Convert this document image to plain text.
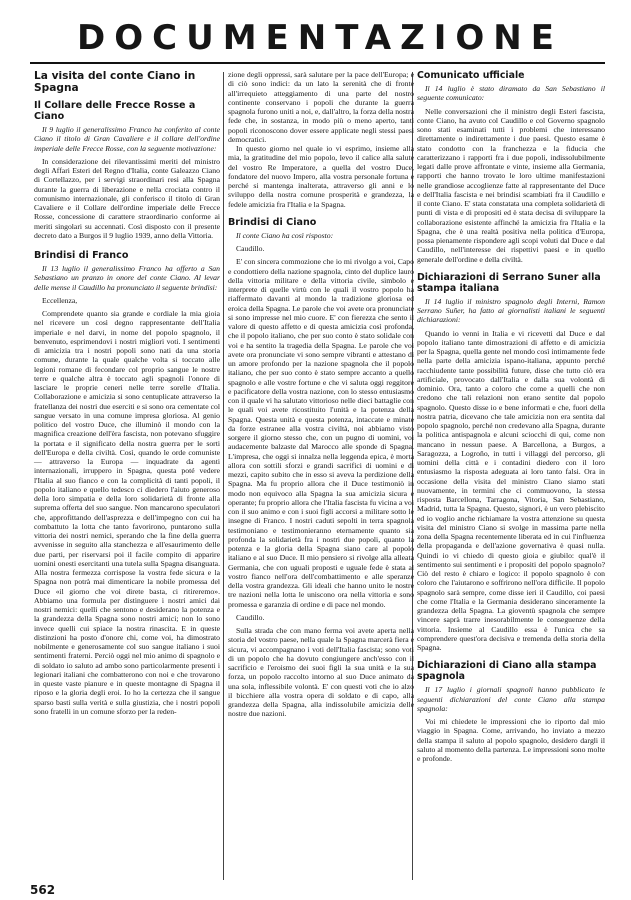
DOCUMENTAZIONE
La visita del conte Ciano in Spagna
Il Collare delle Frecce Rosse a Ciano

Il 9 luglio il generalissimo Franco ha conferito al conte Ciano il titolo di Gran Cavaliere e il collare dell'ordine imperiale delle Frecce Rosse, con la seguente motivazione:

In considerazione dei rilevantissimi meriti del ministro degli Affari Esteri del Regno d'Italia, conte Galeazzo Ciano di Cortellazzo, per i servigi straordinari resi alla Spagna durante la guerra di liberazione e nella crociata contro il comunismo internazionale, gli conferisco il titolo di Gran Cavaliere e il Collare dell'ordine imperiale delle Frecce Rosse, concessione di carattere straordinario conforme ai meriti singolari su accennati. Così disposto con il presente decreto dato a Burgos il 9 luglio 1939, anno della Vittoria.

Brindisi di Franco

Il 13 luglio il generalissimo Franco ha offerto a San Sebastiano un pranzo in onore del conte Ciano. Al levar delle mense il Caudillo ha pronunciato il seguente brindisi:

Eccellenza,

Comprendete quanto sia grande e cordiale la mia gioia nel ricevere un così degno rappresentante dell'Italia imperiale e nel darvi, in nome del popolo spagnolo, il benvenuto, esprimendovi i nostri migliori voti. I sentimenti di amicizia tra i nostri popoli sono nati da una storia comune, durante la quale qualche volta si toccato alle legioni romane di fecondare col proprio sangue le nostre terre e qualche altra è toccato agli spagnoli l'onore di lasciare le proprie ceneri nelle terre sorelle d'Italia. Collaborazione e amicizia si sono centuplicate attraverso la fratellanza dei nostri due eserciti e si sono ora cementate col sangue versato in una comune impresa gloriosa. Al genio politico del vostro Duce, che illuminò il mondo con la magnifica creazione dell'èra fascista, non potevano sfuggire la portata e il significato della nostra guerra per le sorti dell'Europa e della civiltà. Così, quando le orde comuniste — attraverso la Europa — inquadrate da agenti internazionali, irruppero in Spagna, questa poté vedere l'Italia al suo fianco e con la complicità di tanti popoli, il popolo italiano e quello tedesco ci diedero l'aiuto generoso della loro simpatia e della loro solidarietà di fronte alla suprema offerta del suo sangue. Non mancarono speculatori che, approfittando dell'asprezza e dell'impegno con cui ha combattuto la lotta che tanto favorirono, puntarono sulla vittoria dei nostri nemici, sperando che la fine della guerra avvenisse in seguito alla stanchezza e all'esaurimento delle due parti, per riservarsi poi il facile compito di apparire uomini onesti esercitanti una tutela sulla Spagna disanguata. Alla nostra fermezza corrispose la vostra fede sicura e la Spagna non potrà mai dimenticare la nobile promessa del Duce «il giorno che voi direte basta, ci ritireremo». Abbiamo una formula per distinguere i nostri amici dai nostri nemici: quelli che sentono e desiderano la potenza e la grandezza della Spagna sono nostri amici; non lo sono invece quelli cui spiace la nostra rinascita. E in queste distinzioni ha posto d'onore chi, come voi, ha dimostrato nobilmente e generosamente col suo sangue italiano i suoi sentimenti fraterni. Perciò oggi nel mio animo di spagnolo e di soldato io saluto ad ambo sono particolarmente presenti i legionari italiani che combatterono con noi e che trovarono in queste vaste pianure e in queste montagne di Spagna il riposo e la gloria degli eroi. Io ho la certezza che il sangue sparso basti sulla verità e sulla giustizia, che i nostri popoli sono fratelli in un comune sforzo per la reden-

zione degli oppressi, sarà salutare per la pace dell'Europa; e di ciò sono indici: da un lato la serenità che di fronte all'irrequieto atteggiamento di una parte del nostro continente conservano i popoli che durante la guerra spagnola furono uniti a noi, e, dall'altro, la forza della nostra fede che, in sostanza, in modo più o meno aperto, tanti popoli riconoscono dover essere applicate negli stessi paesi democratici.

In questo giorno nel quale io vi esprimo, insieme alla mia, la gratitudine del mio popolo, levo il calice alla salute del vostro Re Imperatore, a quella del vostro Duce, fondatore del nuovo Impero, alla vostra personale fortuna e perché si mantenga inalterata, attraverso gli anni e lo sviluppo della nostra comune prosperità e grandezza, la fedele amicizia fra l'Italia e la Spagna.

Brindisi di Ciano

Il conte Ciano ha così risposto:

Caudillo.

E' con sincera commozione che io mi rivolgo a voi, Capo e condottiero della nazione spagnola, cinto del duplice lauro della vittoria militare e della vittoria civile, simbolo e interprete di quelle virtù con le quali il vostro popolo ha riaffermato davanti al mondo la tradizione gloriosa ed eroica della Spagna. Le parole che voi avete ora pronunciate si sono impresse nel mio cuore. E' con fierezza che sento il valore di questo affetto e di questa amicizia così profonda, che il popolo italiano, che per suo conto è stato solidale con voi e ha sentito la tragedia della Spagna. Le parole che voi avete ora pronunciate vi sono sempre vibranti e attestano di un amore profondo per la nazione spagnola che il popolo italiano, che per suo conto è stato sempre accanto a quello spagnolo e alle vostre fortune e che vi saluta oggi reggitore e pacificatore della vostra nazione, con lo stesso entusiasmo con il quale vi ha salutato vittorioso nelle dieci battaglie con le quali voi avete ricostituito l'unità e la potenza della Spagna. Questa unità e questa potenza, intaccate e minate da forze estranee alla vostra civiltà, noi abbiamo visto sorgere il giorno stesso che, con un pugno di uomini, voi audacemente balzaste dal Marocco alle sponde di Spagna. L'impresa, che oggi si innalza nella leggenda epica, è morta allora con sottili sforzi e grandi sacrifici di uomini e di mezzi, capito subito che in esso si aveva la perdizione della Spagna. Ma fu proprio allora che il Duce testimoniò in modo non equivoco alla Spagna la sua amicizia sicura e operante; fu proprio allora che l'Italia fascista fu vicina a voi con il suo animo e con i suoi figli accorsi a militare sotto le insegne di Franco. I nostri caduti sepolti in terra spagnola testimoniano e testimonieranno eternamente quanto sia profonda la solidarietà fra i nostri due popoli, quanto la potenza e la gloria della Spagna siano care al popolo italiano e al suo Duce. Il mio pensiero si rivolge alla alleata Germania, che con uguali proposti e uguale fede è stata al vostro fianco nell'ora dell'combattimento e alle speranze della vostra grandezza. Gli ideali che hanno unito le nostre tre nazioni nella lotta le uniscono ora nella vittoria e sono promessa e garanzia di ordine e di pace nel mondo.

Caudillo.

Sulla strada che con mano ferma voi avete aperta nella storia del vostro paese, nella quale la Spagna marcerà fiera e sicura, vi accompagnano i voti dell'Italia fascista; sono voti di un popolo che ha dovuto congiungere anch'esso con il sacrificio e l'eroismo dei suoi figli la sua unità e la sua forza, un popolo raccolto intorno al suo Duce animato da una sola, inflessibile volontà. E' con questi voti che io alzo il bicchiere alla vostra opera di soldato e di capo, alla grandezza della Spagna, alla indissolubile amicizia delle nostre due nazioni.

Comunicato ufficiale

Il 14 luglio è stato diramato da San Sebastiano il seguente comunicato:

Nelle conversazioni che il ministro degli Esteri fascista, conte Ciano, ha avuto col Caudillo e col Governo spagnolo sono stati esaminati tutti i problemi che interessano direttamente o indirettamente i due paesi. Questo esame è stato condotto con la franchezza e la fiducia che caratterizzano i rapporti fra i due popoli, indissolubilmente legati dalle prove affrontate e vinte, insieme alla Germania, rapporti che hanno trovato le loro ultime manifestazioni nelle grandiose accoglienze fatte al rappresentante del Duce e dell'Italia fascista e nei brindisi scambiati fra il Caudillo e il conte Ciano. E' stata constatata una completa solidarietà di punti di vista e di propositi ed è stata decisa di sviluppare la collaborazione esistente affinché la amicizia fra l'Italia e la Spagna, che è una realtà positiva nella politica d'Europa, possa pienamente rispondere agli scopi voluti dal Duce e dal Caudillo, nell'interesse dei rispettivi paesi e in quello generale dell'ordine e della civiltà.

Dichiarazioni di Serrano Suner alla stampa italiana

Il 14 luglio il ministro spagnolo degli Interni, Ramon Serrano Suñer, ha fatto ai giornalisti italiani le seguenti dichiarazioni:

Quando io venni in Italia e vi ricevetti dal Duce e dal popolo italiano tante dimostrazioni di affetto e di amicizia per la Spagna, quella gente nel mondo così intimamente fede nella parte della amicizia ispano-italiana, appunto perché racchiudente tante possibilità future, disse che tutto ciò era artificiale, provocato dall'Italia e dalla sua volontà di dominio. Ora, tanto a coloro che come a quelli che non credono che tali relazioni non erano sentite dal popolo spagnolo. Questo disse io e bene informati e che, fuori della nostra patria, dicevano che tale amicizia non era sentita dal popolo spagnolo, perché non credevano alla Spagna, durante la politica antispagnola e alcuni sciocchi di qui, come non mancano in nessun paese. A Barcellona, a Burgos, a Saragozza, a Logroño, in tutti i villaggi del percorso, gli uomini della città e i contadini diedero con il loro entusiasmo la risposta adeguata ai loro tanto falsi. Ora in occasione della visita del ministro Ciano siamo stati nuovamente, in termini che ci commuovono, la stessa risposta Barcellona, Tarragona, Vitoria, San Sebastiano, Madrid, tutta la Spagna. Questo, signori, è un vero plebiscito ed io voglio anche richiamare la vostra attenzione su questa visita del ministro Ciano si svolge in massima parte nella zona della Spagna recentemente liberata ed in cui l'influenza della propaganda e dell'azione governativa è quasi nulla. Quindi io vi chiedo di questo gioia e giubilo: qual'è il sentimento sui sentimenti e i propositi del popolo spagnolo? Ciò del resto è chiaro e logico: il popolo spagnolo è con coloro che l'aiutarono e soffrirono nell'ora difficile. Il popolo spagnolo sarà sempre, come disse ieri il Caudillo, coi paesi che come l'Italia e la Germania desiderano sinceramente la grandezza della Spagna. La gioventù spagnola che sempre vincere saprà trarre inesorabilmente le conseguenze della vittoria. Insieme al Caudillo essa è l'unica che sa comprendere quest'ora decisiva e tremenda della storia della Spagna.

Dichiarazioni di Ciano alla stampa spagnola

Il 17 luglio i giornali spagnoli hanno pubblicato le seguenti dichiarazioni del conte Ciano alla stampa spagnola:

Voi mi chiedete le impressioni che io riporto dal mio viaggio in Spagna. Come, arrivando, ho inviato a mezzo della stampa il saluto al popolo spagnolo, desidero dargli il saluto al momento della partenza. Le impressioni sono molte e profonde.

562
